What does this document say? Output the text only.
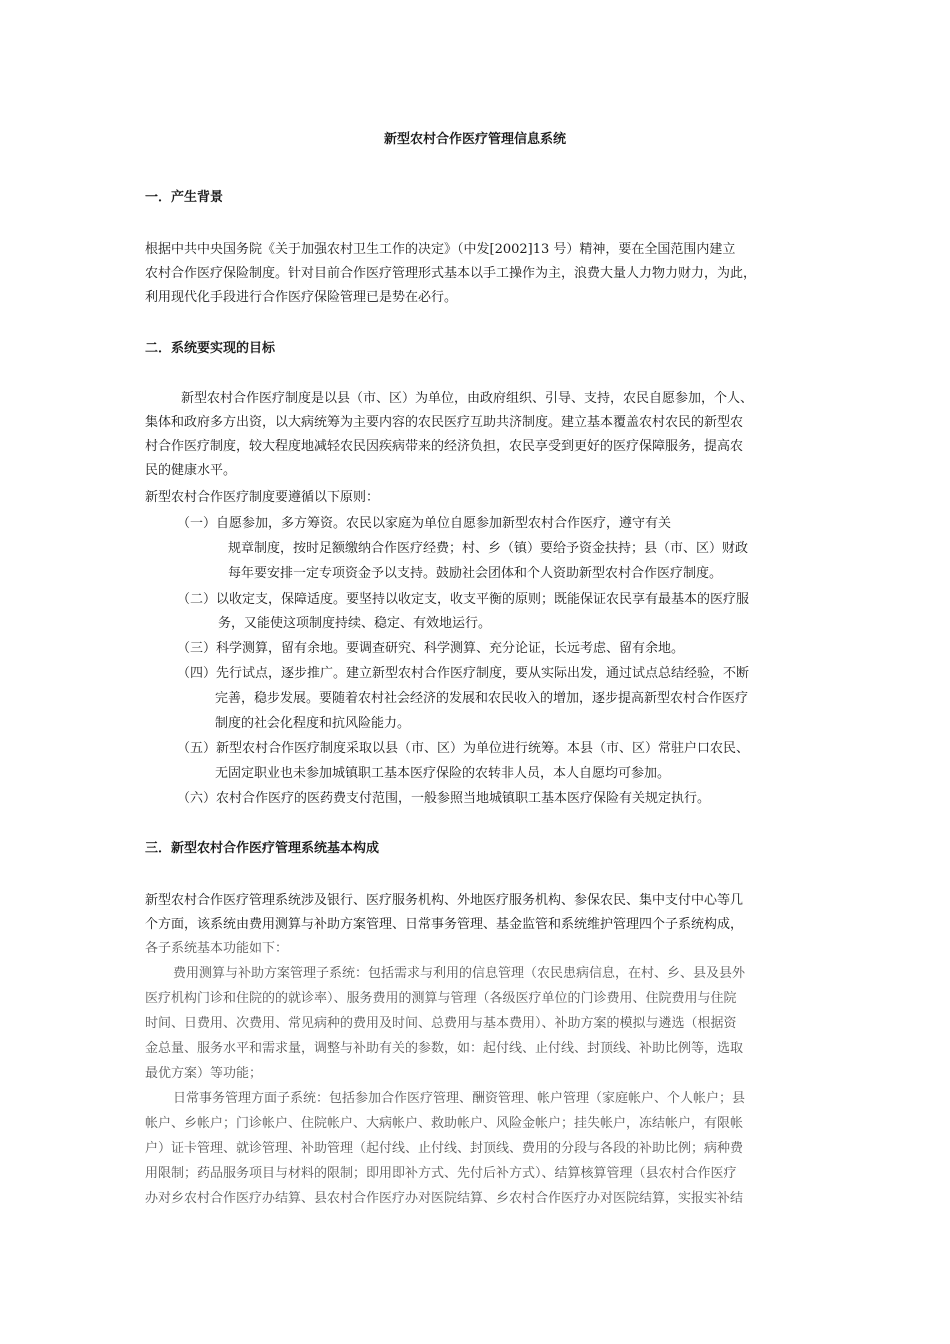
新型农村合作医疗管理信息系统
一．产生背景

根据中共中央国务院《关于加强农村卫生工作的决定》（中发[2002]13 号）精神，要在全国范围内建立

农村合作医疗保险制度。针对目前合作医疗管理形式基本以手工操作为主，浪费大量人力物力财力，为此，

利用现代化手段进行合作医疗保险管理已是势在必行。

二．系统要实现的目标

新型农村合作医疗制度是以县（市、区）为单位，由政府组织、引导、支持，农民自愿参加，个人、

集体和政府多方出资，以大病统筹为主要内容的农民医疗互助共济制度。建立基本覆盖农村农民的新型农

村合作医疗制度，较大程度地减轻农民因疾病带来的经济负担，农民享受到更好的医疗保障服务，提高农

民的健康水平。

新型农村合作医疗制度要遵循以下原则：

（一）自愿参加，多方筹资。农民以家庭为单位自愿参加新型农村合作医疗，遵守有关

规章制度，按时足额缴纳合作医疗经费；村、乡（镇）要给予资金扶持；县（市、区）财政

每年要安排一定专项资金予以支持。鼓励社会团体和个人资助新型农村合作医疗制度。

（二）以收定支，保障适度。要坚持以收定支，收支平衡的原则；既能保证农民享有最基本的医疗服

务，又能使这项制度持续、稳定、有效地运行。

（三）科学测算，留有余地。要调查研究、科学测算、充分论证，长远考虑、留有余地。

（四）先行试点，逐步推广。建立新型农村合作医疗制度，要从实际出发，通过试点总结经验，不断

完善，稳步发展。要随着农村社会经济的发展和农民收入的增加，逐步提高新型农村合作医疗

制度的社会化程度和抗风险能力。

（五）新型农村合作医疗制度采取以县（市、区）为单位进行统筹。本县（市、区）常驻户口农民、

无固定职业也未参加城镇职工基本医疗保险的农转非人员，本人自愿均可参加。

（六）农村合作医疗的医药费支付范围，一般参照当地城镇职工基本医疗保险有关规定执行。

三．新型农村合作医疗管理系统基本构成

新型农村合作医疗管理系统涉及银行、医疗服务机构、外地医疗服务机构、参保农民、集中支付中心等几

个方面，该系统由费用测算与补助方案管理、日常事务管理、基金监管和系统维护管理四个子系统构成，

各子系统基本功能如下：

费用测算与补助方案管理子系统：包括需求与利用的信息管理（农民患病信息，在村、乡、县及县外

医疗机构门诊和住院的的就诊率）、服务费用的测算与管理（各级医疗单位的门诊费用、住院费用与住院

时间、日费用、次费用、常见病种的费用及时间、总费用与基本费用）、补助方案的模拟与遴选（根据资

金总量、服务水平和需求量，调整与补助有关的参数，如：起付线、止付线、封顶线、补助比例等，选取

最优方案）等功能；

日常事务管理方面子系统：包括参加合作医疗管理、酬资管理、帐户管理（家庭帐户、个人帐户；县

帐户、乡帐户；门诊帐户、住院帐户、大病帐户、救助帐户、风险金帐户；挂失帐户，冻结帐户，有限帐

户）证卡管理、就诊管理、补助管理（起付线、止付线、封顶线、费用的分段与各段的补助比例；病种费

用限制；药品服务项目与材料的限制；即用即补方式、先付后补方式）、结算核算管理（县农村合作医疗

办对乡农村合作医疗办结算、县农村合作医疗办对医院结算、乡农村合作医疗办对医院结算，实报实补结
